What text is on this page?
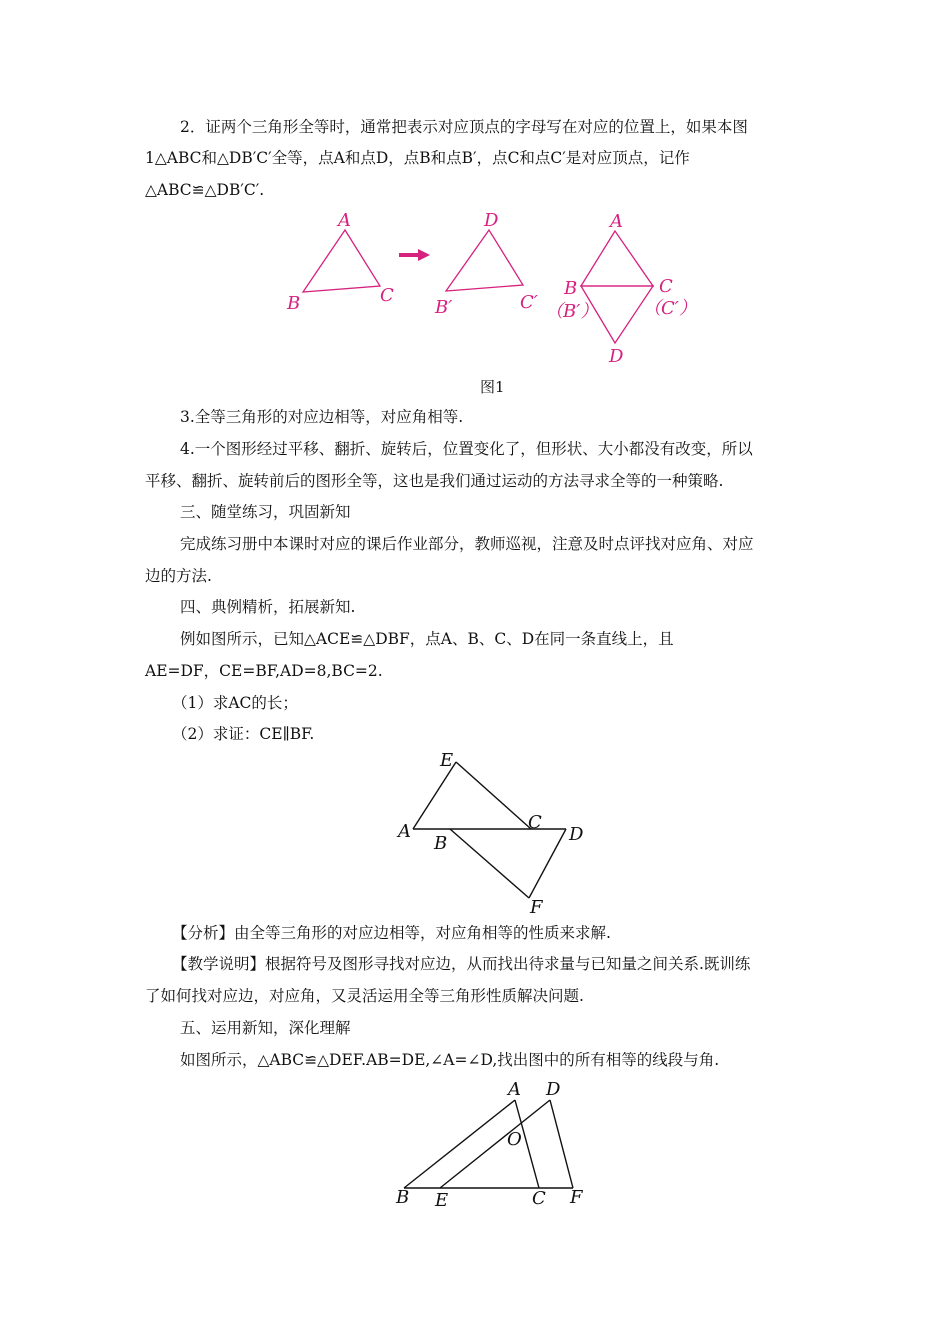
2．证两个三角形全等时，通常把表示对应顶点的字母写在对应的位置上，如果本图
1△ABC和△DB′C′全等，点A和点D，点B和点B′，点C和点C′是对应顶点，记作
△ABC≌△DB′C′.
A
B	C
D
B′	C′
A
B
（B′）
C
（C′）
D
图1
3.全等三角形的对应边相等，对应角相等.
4.一个图形经过平移、翻折、旋转后，位置变化了，但形状、大小都没有改变，所以
平移、翻折、旋转前后的图形全等，这也是我们通过运动的方法寻求全等的一种策略.
三、随堂练习，巩固新知
完成练习册中本课时对应的课后作业部分，教师巡视，注意及时点评找对应角、对应
边的方法.
四、典例精析，拓展新知.
例如图所示，已知△ACE≌△DBF，点A、B、C、D在同一条直线上，且
AE=DF，CE=BF,AD=8,BC=2.
（1）求AC的长；
（2）求证：CE∥BF.
E
A
B
C
D
F
【分析】由全等三角形的对应边相等，对应角相等的性质来求解.
【教学说明】根据符号及图形寻找对应边，从而找出待求量与已知量之间关系.既训练
了如何找对应边，对应角，又灵活运用全等三角形性质解决问题.
五、运用新知，深化理解
如图所示，△ABC≌△DEF.AB=DE,∠A=∠D,找出图中的所有相等的线段与角.
A D
O
B E	C F
